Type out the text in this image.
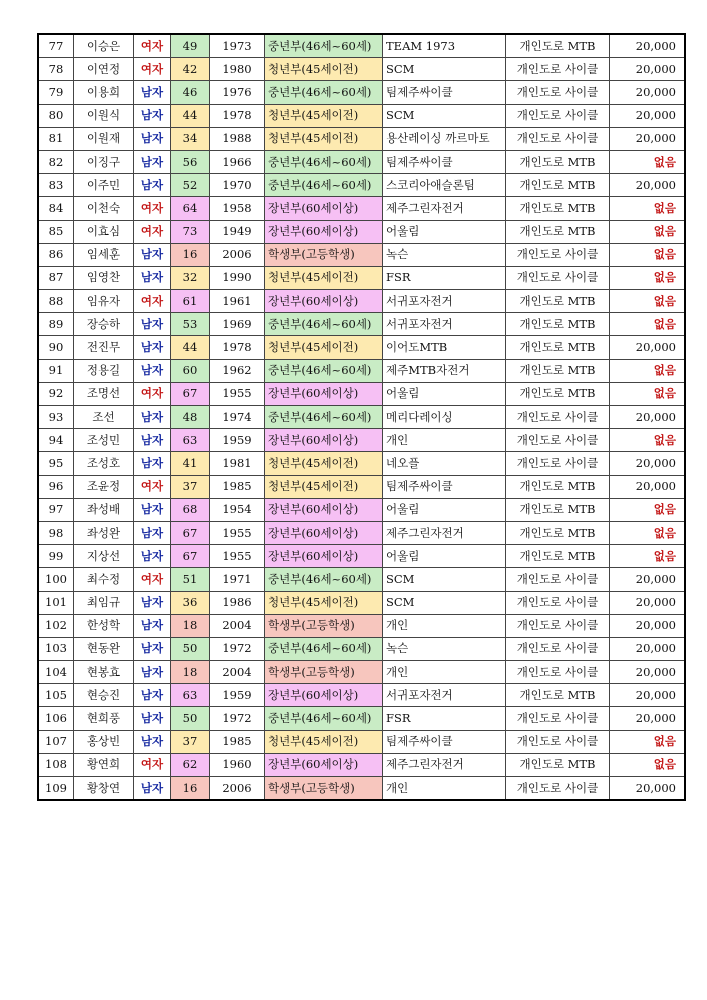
77	이승은	여자	49	1973	중년부(46세~60세)	TEAM 1973	개인도로 MTB	20,000
78	이연정	여자	42	1980	청년부(45세이전)	SCM	개인도로 사이클	20,000
79	이용희	남자	46	1976	중년부(46세~60세)	팀제주싸이클	개인도로 사이클	20,000
80	이원식	남자	44	1978	청년부(45세이전)	SCM	개인도로 사이클	20,000
81	이원재	남자	34	1988	청년부(45세이전)	용산레이싱 까르마토	개인도로 사이클	20,000
82	이징구	남자	56	1966	중년부(46세~60세)	팀제주싸이클	개인도로 MTB	없음
83	이주민	남자	52	1970	중년부(46세~60세)	스코리아애슬론팀	개인도로 MTB	20,000
84	이천숙	여자	64	1958	장년부(60세이상)	제주그린자전거	개인도로 MTB	없음
85	이효심	여자	73	1949	장년부(60세이상)	어울림	개인도로 MTB	없음
86	임세훈	남자	16	2006	학생부(고등학생)	녹슨	개인도로 사이클	없음
87	임영찬	남자	32	1990	청년부(45세이전)	FSR	개인도로 사이클	없음
88	임유자	여자	61	1961	장년부(60세이상)	서귀포자전거	개인도로 MTB	없음
89	장승하	남자	53	1969	중년부(46세~60세)	서귀포자전거	개인도로 MTB	없음
90	전진무	남자	44	1978	청년부(45세이전)	이어도MTB	개인도로 MTB	20,000
91	정용길	남자	60	1962	중년부(46세~60세)	제주MTB자전거	개인도로 MTB	없음
92	조명선	여자	67	1955	장년부(60세이상)	어울림	개인도로 MTB	없음
93	조선	남자	48	1974	중년부(46세~60세)	메리다레이싱	개인도로 사이클	20,000
94	조성민	남자	63	1959	장년부(60세이상)	개인	개인도로 사이클	없음
95	조성호	남자	41	1981	청년부(45세이전)	네오플	개인도로 사이클	20,000
96	조윤정	여자	37	1985	청년부(45세이전)	팀제주싸이클	개인도로 MTB	20,000
97	좌성배	남자	68	1954	장년부(60세이상)	어울림	개인도로 MTB	없음
98	좌성완	남자	67	1955	장년부(60세이상)	제주그린자전거	개인도로 MTB	없음
99	지상선	남자	67	1955	장년부(60세이상)	어울림	개인도로 MTB	없음
100	최수정	여자	51	1971	중년부(46세~60세)	SCM	개인도로 사이클	20,000
101	최임규	남자	36	1986	청년부(45세이전)	SCM	개인도로 사이클	20,000
102	한성학	남자	18	2004	학생부(고등학생)	개인	개인도로 사이클	20,000
103	현동완	남자	50	1972	중년부(46세~60세)	녹슨	개인도로 사이클	20,000
104	현봉효	남자	18	2004	학생부(고등학생)	개인	개인도로 사이클	20,000
105	현승진	남자	63	1959	장년부(60세이상)	서귀포자전거	개인도로 MTB	20,000
106	현희풍	남자	50	1972	중년부(46세~60세)	FSR	개인도로 사이클	20,000
107	홍상빈	남자	37	1985	청년부(45세이전)	팀제주싸이클	개인도로 사이클	없음
108	황연희	여자	62	1960	장년부(60세이상)	제주그린자전거	개인도로 MTB	없음
109	황창연	남자	16	2006	학생부(고등학생)	개인	개인도로 사이클	20,000
